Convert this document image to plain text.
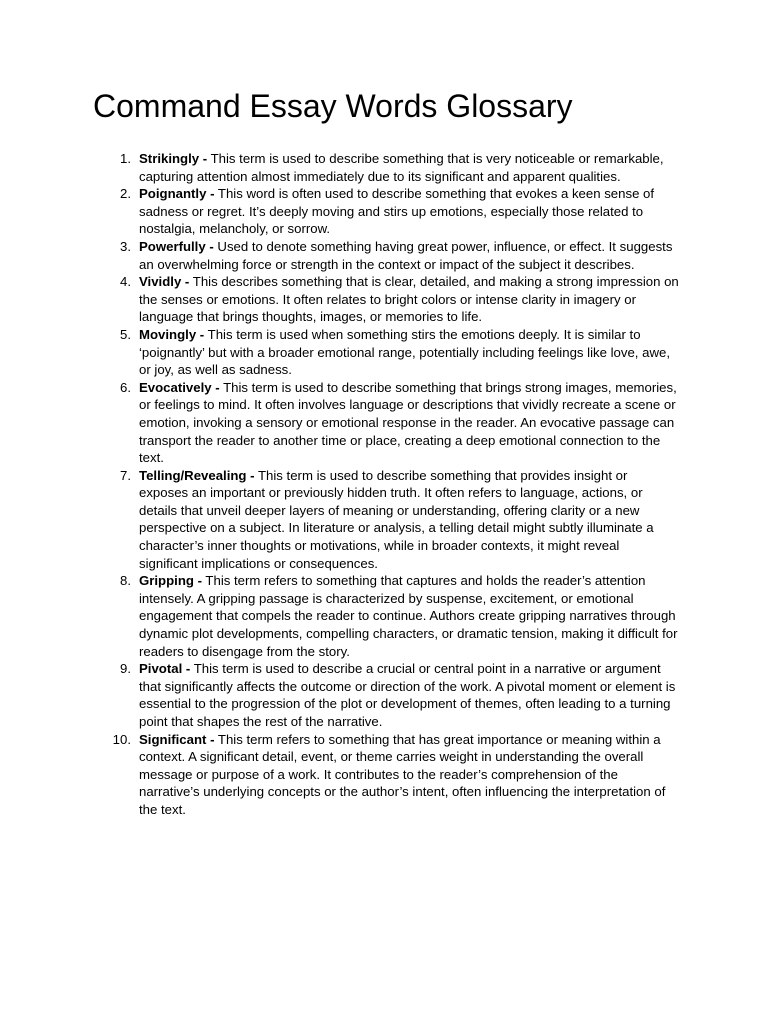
Command Essay Words Glossary
1. Strikingly - This term is used to describe something that is very noticeable or remarkable, capturing attention almost immediately due to its significant and apparent qualities.
2. Poignantly - This word is often used to describe something that evokes a keen sense of sadness or regret. It’s deeply moving and stirs up emotions, especially those related to nostalgia, melancholy, or sorrow.
3. Powerfully - Used to denote something having great power, influence, or effect. It suggests an overwhelming force or strength in the context or impact of the subject it describes.
4. Vividly - This describes something that is clear, detailed, and making a strong impression on the senses or emotions. It often relates to bright colors or intense clarity in imagery or language that brings thoughts, images, or memories to life.
5. Movingly - This term is used when something stirs the emotions deeply. It is similar to ‘poignantly’ but with a broader emotional range, potentially including feelings like love, awe, or joy, as well as sadness.
6. Evocatively - This term is used to describe something that brings strong images, memories, or feelings to mind. It often involves language or descriptions that vividly recreate a scene or emotion, invoking a sensory or emotional response in the reader. An evocative passage can transport the reader to another time or place, creating a deep emotional connection to the text.
7. Telling/Revealing - This term is used to describe something that provides insight or exposes an important or previously hidden truth. It often refers to language, actions, or details that unveil deeper layers of meaning or understanding, offering clarity or a new perspective on a subject. In literature or analysis, a telling detail might subtly illuminate a character’s inner thoughts or motivations, while in broader contexts, it might reveal significant implications or consequences.
8. Gripping - This term refers to something that captures and holds the reader’s attention intensely. A gripping passage is characterized by suspense, excitement, or emotional engagement that compels the reader to continue. Authors create gripping narratives through dynamic plot developments, compelling characters, or dramatic tension, making it difficult for readers to disengage from the story.
9. Pivotal - This term is used to describe a crucial or central point in a narrative or argument that significantly affects the outcome or direction of the work. A pivotal moment or element is essential to the progression of the plot or development of themes, often leading to a turning point that shapes the rest of the narrative.
10. Significant - This term refers to something that has great importance or meaning within a context. A significant detail, event, or theme carries weight in understanding the overall message or purpose of a work. It contributes to the reader’s comprehension of the narrative’s underlying concepts or the author’s intent, often influencing the interpretation of the text.
